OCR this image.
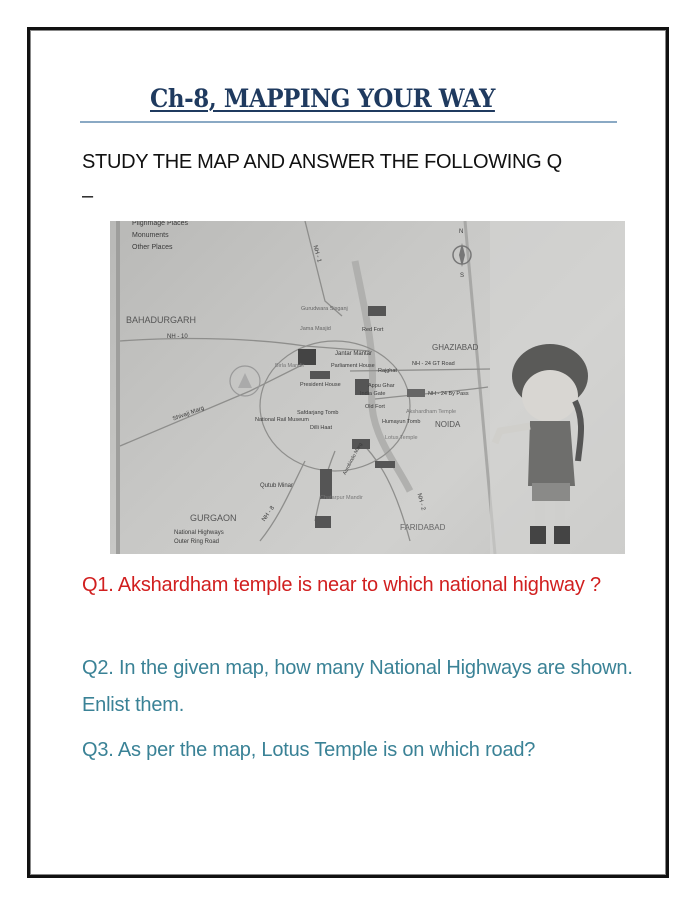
Ch-8, MAPPING YOUR WAY
STUDY THE MAP AND ANSWER THE FOLLOWING Q
–
Pilgrimage Places
Monuments
Other Places
N
S
BAHADURGARH
GHAZIABAD
NOIDA
GURGAON
FARIDABAD
NH - 1
NH - 10
NH - 24 GT Road
NH - 24 By Pass
NH - 8
NH - 2
Shivaji Marg
Aurobindo Marg
Gurudwara Sisganj
Jama Masjid	Red Fort
Jantar Mantar
Birla Mandir	Parliament House
Rajghat
President House	Appu Ghar
India Gate
Old Fort
Safdarjang Tomb	Akshardham Temple
National Rail Museum	Humayun Tomb
Dilli Haat
Lotus Temple
Qutub Minar
Chatarpur Mandir
National Highways
Outer Ring Road
Q1. Akshardham temple is near to which national highway ?
Q2. In the given map, how many National Highways are shown. Enlist them.
Q3. As per the map, Lotus Temple is on which road?
